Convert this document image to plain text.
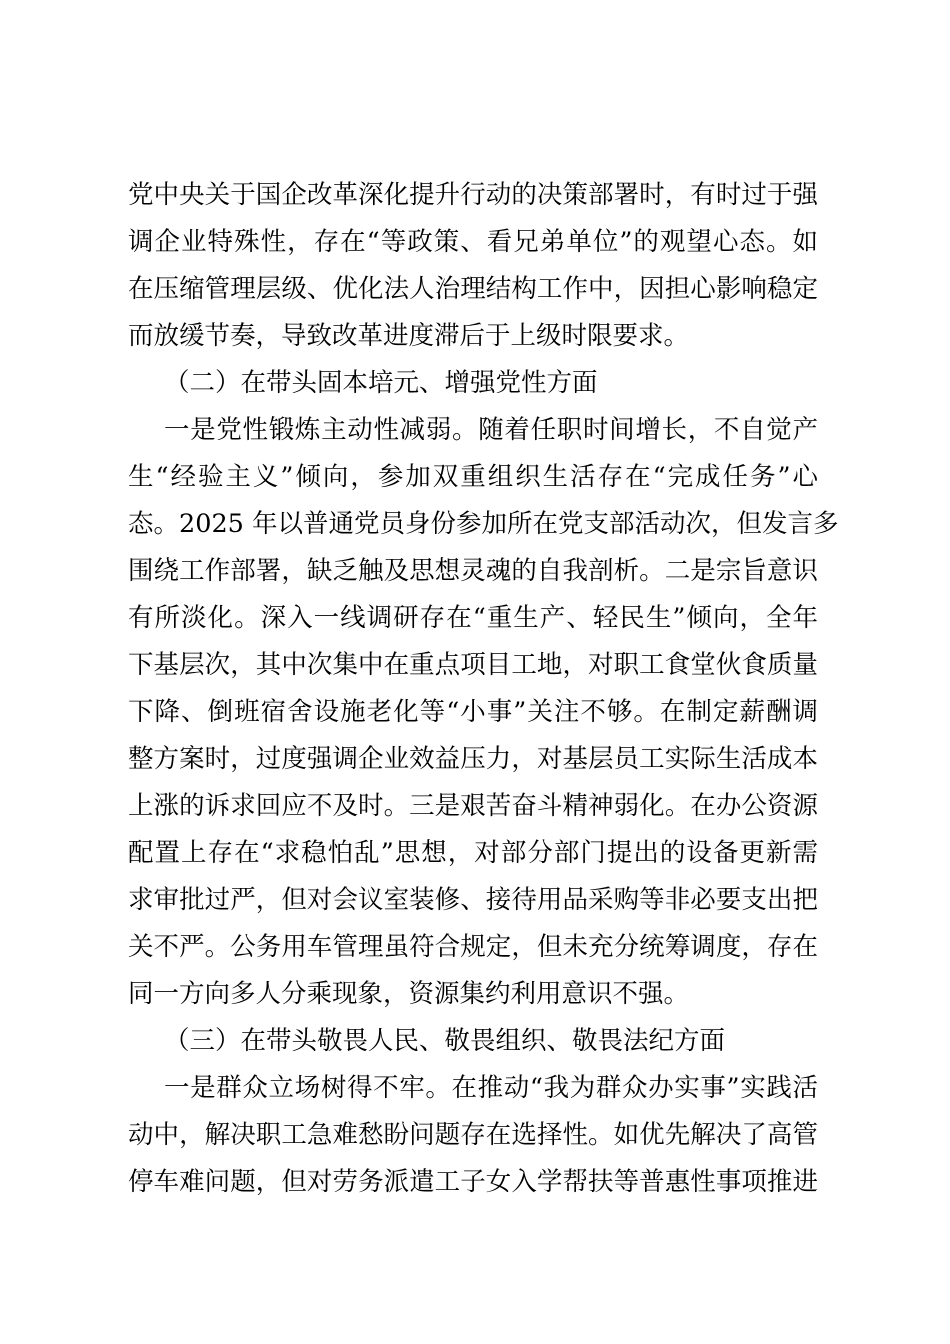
党中央关于国企改革深化提升行动的决策部署时，有时过于强
调企业特殊性，存在“等政策、看兄弟单位”的观望心态。如
在压缩管理层级、优化法人治理结构工作中，因担心影响稳定
而放缓节奏，导致改革进度滞后于上级时限要求。
（二）在带头固本培元、增强党性方面
一是党性锻炼主动性减弱。随着任职时间增长，不自觉产
生“经验主义”倾向，参加双重组织生活存在“完成任务”心
态。2025 年以普通党员身份参加所在党支部活动次，但发言多
围绕工作部署，缺乏触及思想灵魂的自我剖析。二是宗旨意识
有所淡化。深入一线调研存在“重生产、轻民生”倾向，全年
下基层次，其中次集中在重点项目工地，对职工食堂伙食质量
下降、倒班宿舍设施老化等“小事”关注不够。在制定薪酬调
整方案时，过度强调企业效益压力，对基层员工实际生活成本
上涨的诉求回应不及时。三是艰苦奋斗精神弱化。在办公资源
配置上存在“求稳怕乱”思想，对部分部门提出的设备更新需
求审批过严，但对会议室装修、接待用品采购等非必要支出把
关不严。公务用车管理虽符合规定，但未充分统筹调度，存在
同一方向多人分乘现象，资源集约利用意识不强。
（三）在带头敬畏人民、敬畏组织、敬畏法纪方面
一是群众立场树得不牢。在推动“我为群众办实事”实践活
动中，解决职工急难愁盼问题存在选择性。如优先解决了高管
停车难问题，但对劳务派遣工子女入学帮扶等普惠性事项推进
